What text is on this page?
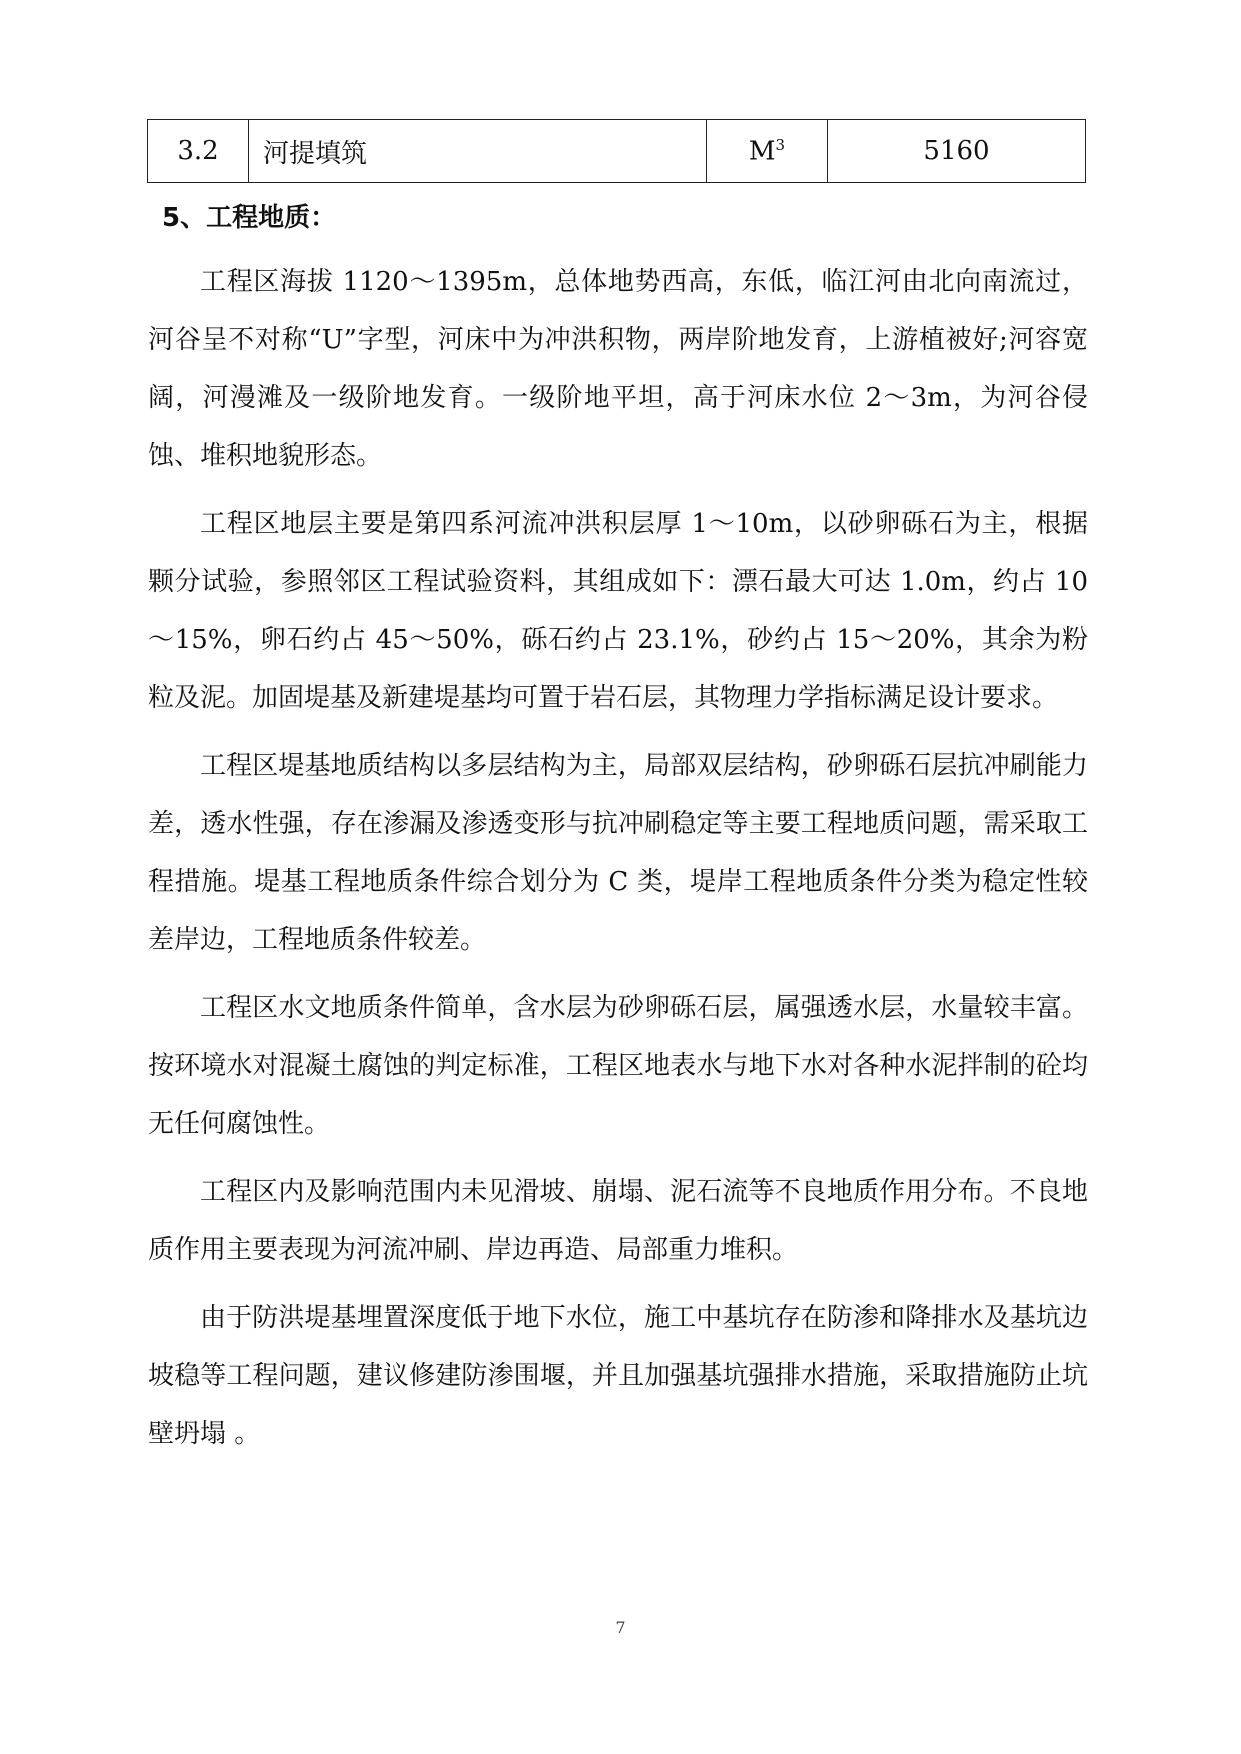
3.2	河提填筑	$M^3$	5160
5、工程地质：

工程区海拔 1120～1395m，总体地势西高，东低，临江河由北向南流过，河谷呈不对称“U”字型，河床中为冲洪积物，两岸阶地发育，上游植被好;河容宽阔，河漫滩及一级阶地发育。一级阶地平坦，高于河床水位 2～3m，为河谷侵蚀、堆积地貌形态。

工程区地层主要是第四系河流冲洪积层厚 1～10m，以砂卵砾石为主，根据颗分试验，参照邻区工程试验资料，其组成如下：漂石最大可达 1.0m，约占 10～15%，卵石约占 45～50%，砾石约占 23.1%，砂约占 15～20%，其余为粉粒及泥。加固堤基及新建堤基均可置于岩石层，其物理力学指标满足设计要求。

工程区堤基地质结构以多层结构为主，局部双层结构，砂卵砾石层抗冲刷能力差，透水性强，存在渗漏及渗透变形与抗冲刷稳定等主要工程地质问题，需采取工程措施。堤基工程地质条件综合划分为 C 类，堤岸工程地质条件分类为稳定性较差岸边，工程地质条件较差。

工程区水文地质条件简单，含水层为砂卵砾石层，属强透水层，水量较丰富。按环境水对混凝土腐蚀的判定标准，工程区地表水与地下水对各种水泥拌制的砼均无任何腐蚀性。

工程区内及影响范围内未见滑坡、崩塌、泥石流等不良地质作用分布。不良地质作用主要表现为河流冲刷、岸边再造、局部重力堆积。

由于防洪堤基埋置深度低于地下水位，施工中基坑存在防渗和降排水及基坑边坡稳等工程问题，建议修建防渗围堰，并且加强基坑强排水措施，采取措施防止坑壁坍塌 。

7
